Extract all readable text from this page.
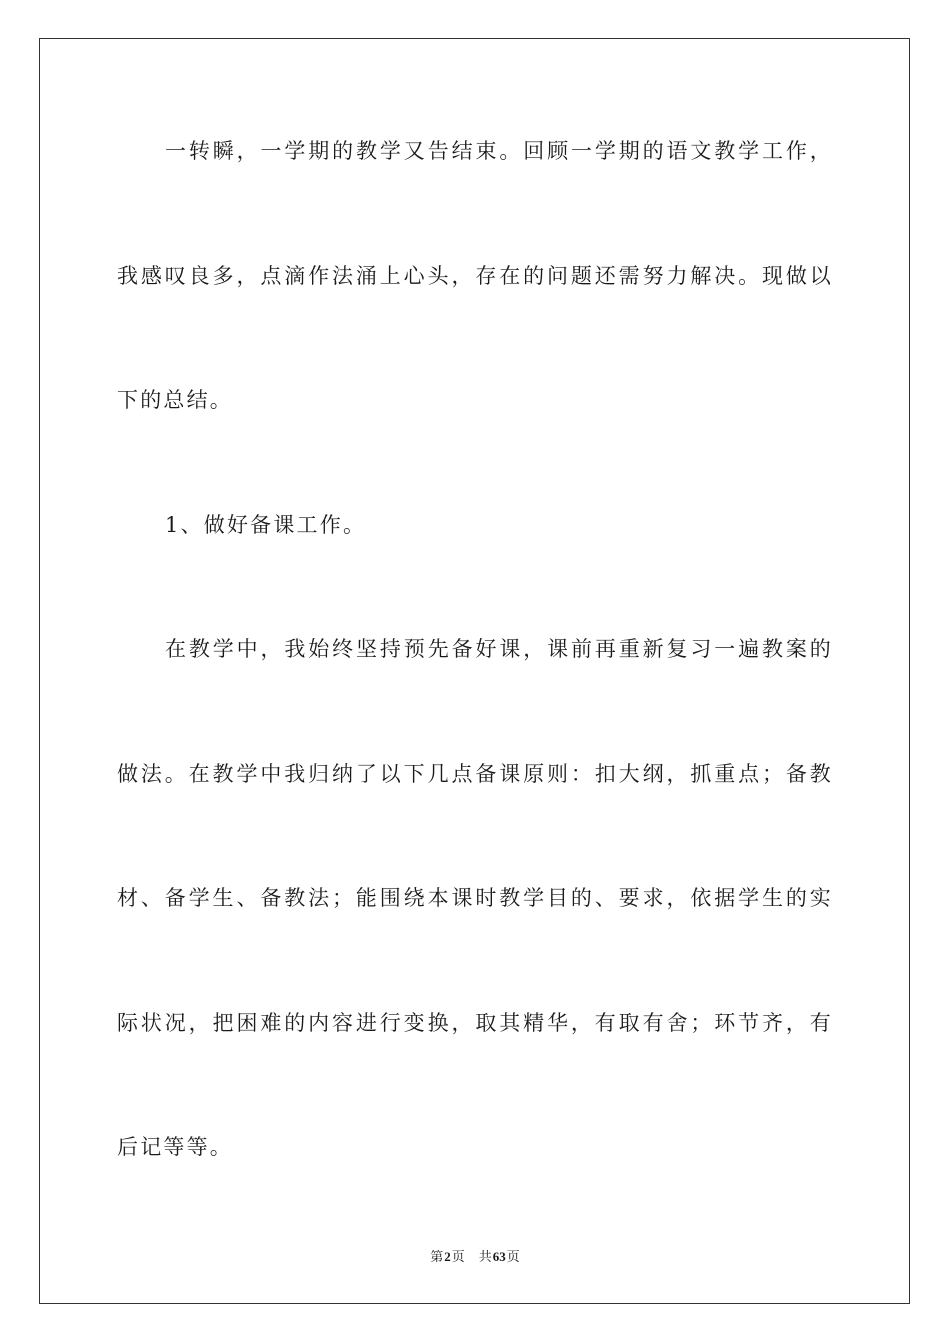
一转瞬，一学期的教学又告结束。回顾一学期的语文教学工作，

我感叹良多，点滴作法涌上心头，存在的问题还需努力解决。现做以

下的总结。

1、做好备课工作。

在教学中，我始终坚持预先备好课，课前再重新复习一遍教案的

做法。在教学中我归纳了以下几点备课原则：扣大纲，抓重点；备教

材、备学生、备教法；能围绕本课时教学目的、要求，依据学生的实

际状况，把困难的内容进行变换，取其精华，有取有舍；环节齐，有

后记等等。

第2页 共63页
